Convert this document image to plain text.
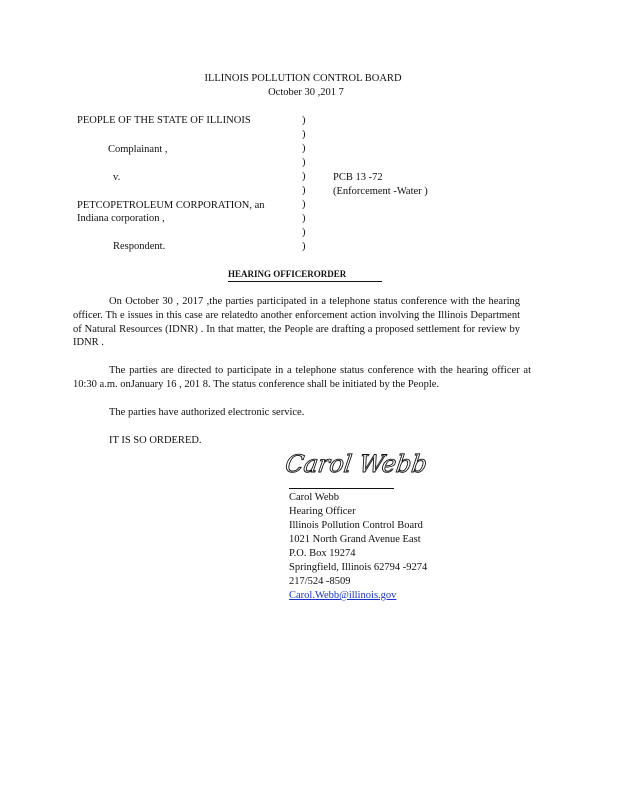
ILLINOIS POLLUTION CONTROL BOARD
October 30 ,201 7
PEOPLE OF THE STATE OF ILLINOIS
Complainant ,
v.
PETCOPETROLEUM CORPORATION, an
Indiana corporation ,
Respondent.
)
)
)
)
)
)
)
)
)
)
PCB 13 -72
(Enforcement -Water )
HEARING OFFICERORDER
On October 30 , 2017 ,the parties participated in a telephone status conference with the hearing officer. Th e issues in this case are relatedto another enforcement action involving the Illinois Department of Natural Resources (IDNR) . In that matter, the People are drafting a proposed settlement for review by IDNR .
The parties are directed to participate in a telephone status conference with the hearing officer at 10:30 a.m. onJanuary 16 , 201 8. The status conference shall be initiated by the People.
The parties have authorized electronic service.
IT IS SO ORDERED.
Carol Webb
Carol Webb
Hearing Officer
Illinois Pollution Control Board
1021 North Grand Avenue East
P.O. Box 19274
Springfield, Illinois 62794 -9274
217/524 -8509
Carol.Webb@illinois.gov
